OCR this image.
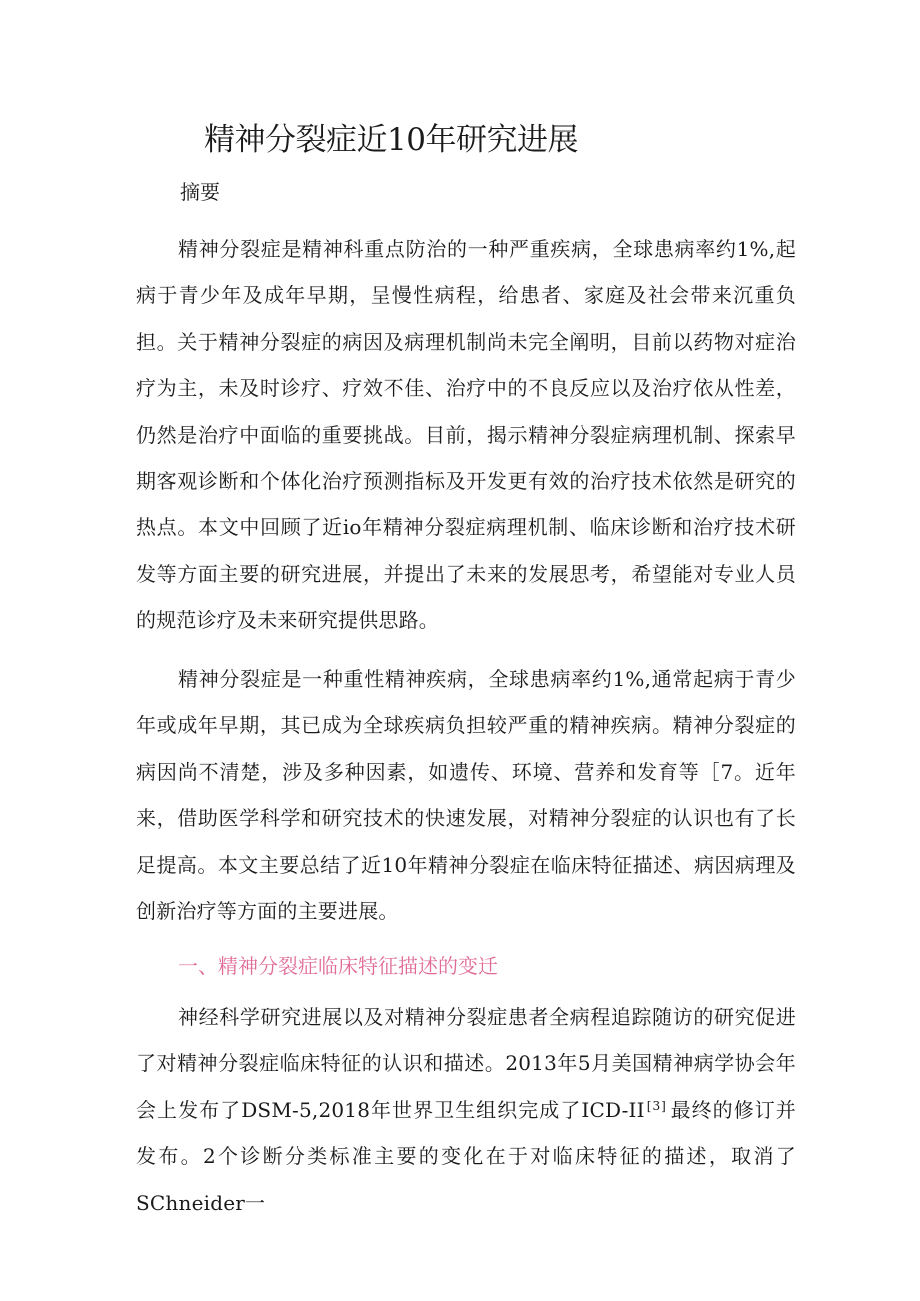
精神分裂症近10年研究进展
摘要

精神分裂症是精神科重点防治的一种严重疾病，全球患病率约1%,起病于青少年及成年早期，呈慢性病程，给患者、家庭及社会带来沉重负担。关于精神分裂症的病因及病理机制尚未完全阐明，目前以药物对症治疗为主，未及时诊疗、疗效不佳、治疗中的不良反应以及治疗依从性差，仍然是治疗中面临的重要挑战。目前，揭示精神分裂症病理机制、探索早期客观诊断和个体化治疗预测指标及开发更有效的治疗技术依然是研究的热点。本文中回顾了近io年精神分裂症病理机制、临床诊断和治疗技术研发等方面主要的研究进展，并提出了未来的发展思考，希望能对专业人员的规范诊疗及未来研究提供思路。

精神分裂症是一种重性精神疾病，全球患病率约1%,通常起病于青少年或成年早期，其已成为全球疾病负担较严重的精神疾病。精神分裂症的病因尚不清楚，涉及多种因素，如遗传、环境、营养和发育等［7。近年来，借助医学科学和研究技术的快速发展，对精神分裂症的认识也有了长足提高。本文主要总结了近10年精神分裂症在临床特征描述、病因病理及创新治疗等方面的主要进展。

一、精神分裂症临床特征描述的变迁

神经科学研究进展以及对精神分裂症患者全病程追踪随访的研究促进了对精神分裂症临床特征的认识和描述。2013年5月美国精神病学协会年会上发布了DSM-5,2018年世界卫生组织完成了ICD-II [3] 最终的修订并发布。2个诊断分类标准主要的变化在于对临床特征的描述，取消了SChneider一
